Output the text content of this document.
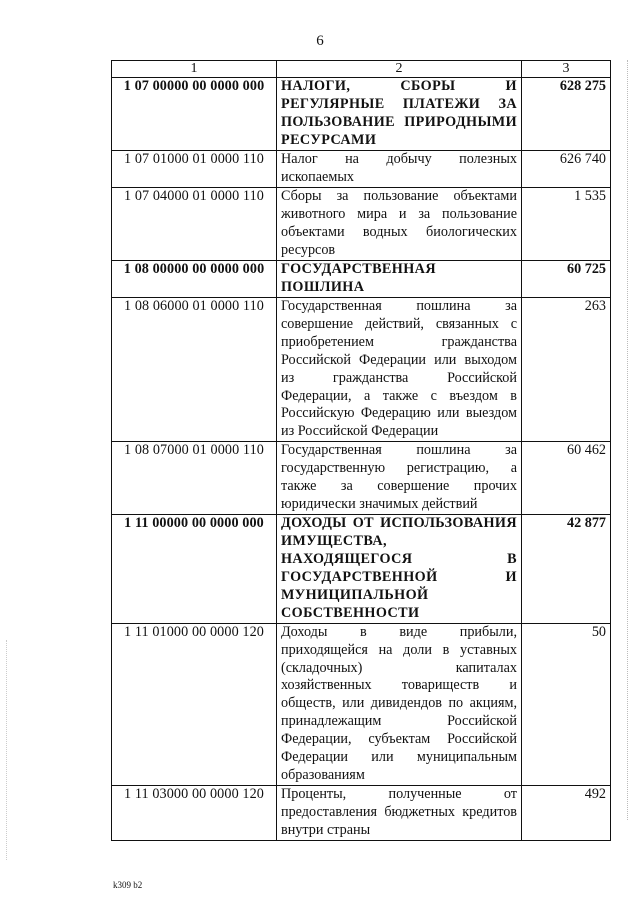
6
1	2	3
1 07 00000 00 0000 000	НАЛОГИ, СБОРЫ И РЕГУЛЯРНЫЕ ПЛАТЕЖИ ЗА ПОЛЬЗОВАНИЕ ПРИРОДНЫМИ РЕСУРСАМИ	628 275
1 07 01000 01 0000 110	Налог на добычу полезных ископаемых	626 740
1 07 04000 01 0000 110	Сборы за пользование объектами животного мира и за пользование объектами водных биологических ресурсов	1 535
1 08 00000 00 0000 000	ГОСУДАРСТВЕННАЯ ПОШЛИНА	60 725
1 08 06000 01 0000 110	Государственная пошлина за совершение действий, связанных с приобретением гражданства Российской Федерации или выходом из гражданства Российской Федерации, а также с въездом в Российскую Федерацию или выездом из Российской Федерации	263
1 08 07000 01 0000 110	Государственная пошлина за государственную регистрацию, а также за совершение прочих юридически значимых действий	60 462
1 11 00000 00 0000 000	ДОХОДЫ ОТ ИСПОЛЬЗОВАНИЯ ИМУЩЕСТВА, НАХОДЯЩЕГОСЯ В ГОСУДАРСТВЕННОЙ И МУНИЦИПАЛЬНОЙ СОБСТВЕННОСТИ	42 877
1 11 01000 00 0000 120	Доходы в виде прибыли, приходящейся на доли в уставных (складочных) капиталах хозяйственных товариществ и обществ, или дивидендов по акциям, принадлежащим Российской Федерации, субъектам Российской Федерации или муниципальным образованиям	50
1 11 03000 00 0000 120	Проценты, полученные от предоставления бюджетных кредитов внутри страны	492
k309 b2
